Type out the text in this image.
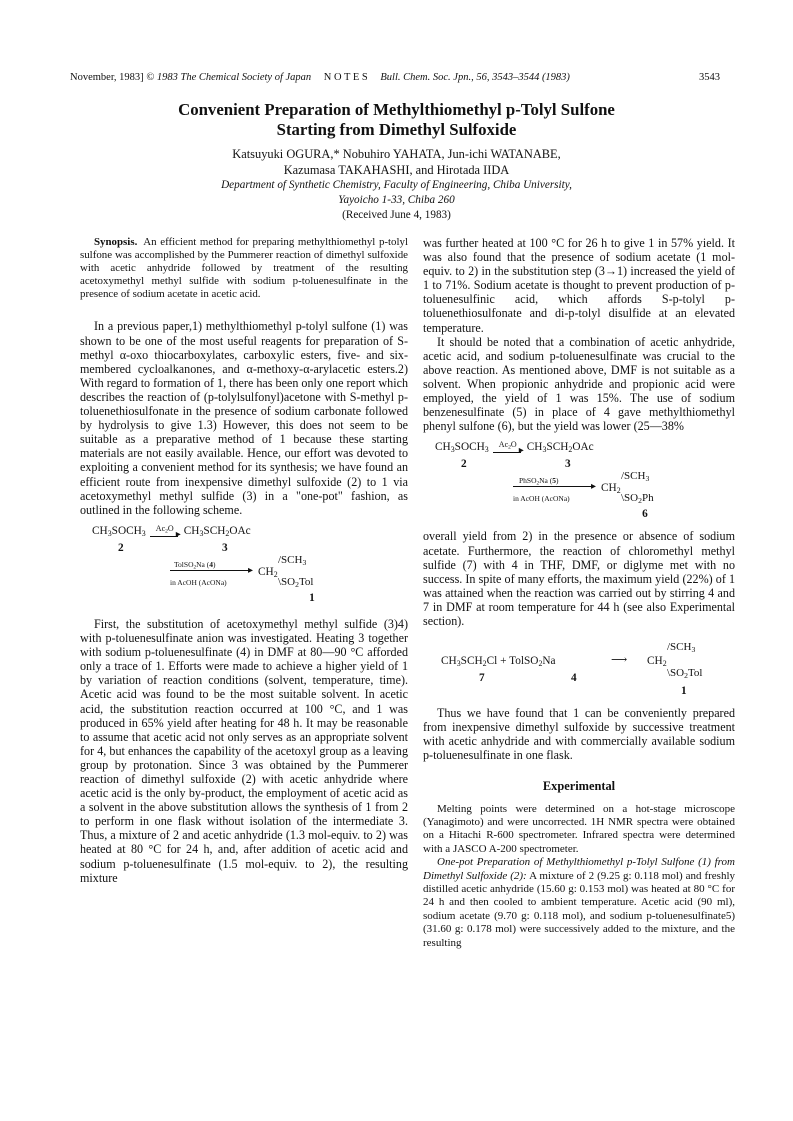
November, 1983] © 1983 The Chemical Society of Japan N O T E S Bull. Chem. Soc. Jpn., 56, 3543–3544 (1983)	3543
Convenient Preparation of Methylthiomethyl p-Tolyl Sulfone
Starting from Dimethyl Sulfoxide
Katsuyuki OGURA,* Nobuhiro YAHATA, Jun-ichi WATANABE,
Kazumasa TAKAHASHI, and Hirotada IIDA
Department of Synthetic Chemistry, Faculty of Engineering, Chiba University,
Yayoicho 1-33, Chiba 260
(Received June 4, 1983)

Synopsis. An efficient method for preparing methylthiomethyl p-tolyl sulfone was accomplished by the Pummerer reaction of dimethyl sulfoxide with acetic anhydride followed by treatment of the resulting acetoxymethyl methyl sulfide with sodium p-toluenesulfinate in the presence of sodium acetate in acetic acid.

In a previous paper,1) methylthiomethyl p-tolyl sulfone (1) was shown to be one of the most useful reagents for preparation of S-methyl α-oxo thiocarboxylates, carboxylic esters, five- and six-membered cycloalkanones, and α-methoxy-α-arylacetic esters.2) With regard to formation of 1, there has been only one report which describes the reaction of (p-tolylsulfonyl)acetone with S-methyl p-toluenethiosulfonate in the presence of sodium carbonate followed by hydrolysis to give 1.3) However, this does not seem to be suitable as a preparative method of 1 because these starting materials are not easily available. Hence, our effort was devoted to exploiting a convenient method for its synthesis; we have found an efficient route from inexpensive dimethyl sulfoxide (2) to 1 via acetoxymethyl methyl sulfide (3) in a "one-pot" fashion, as outlined in the following scheme.

$CH_3SOCH_3$
$Ac_2O$
▸ $CH_3SCH_2OAc$
2	3
TolSO$_2$Na (4)
▸
in AcOH (AcONa)
$CH_2$
$/SCH_3$
$\backslash SO_2Tol$
1

First, the substitution of acetoxymethyl methyl sulfide (3)4) with p-toluenesulfinate anion was investigated. Heating 3 together with sodium p-toluenesulfinate (4) in DMF at 80—90 °C afforded only a trace of 1. Efforts were made to achieve a higher yield of 1 by variation of reaction conditions (solvent, temperature, time). Acetic acid was found to be the most suitable solvent. In acetic acid, the substitution reaction occurred at 100 °C, and 1 was produced in 65% yield after heating for 48 h. It may be reasonable to assume that acetic acid not only serves as an appropriate solvent for 4, but enhances the capability of the acetoxyl group as a leaving group by protonation. Since 3 was obtained by the Pummerer reaction of dimethyl sulfoxide (2) with acetic anhydride where acetic acid is the only by-product, the employment of acetic acid as a solvent in the above substitution allows the synthesis of 1 from 2 to perform in one flask without isolation of the intermediate 3. Thus, a mixture of 2 and acetic anhydride (1.3 mol-equiv. to 2) was heated at 80 °C for 24 h, and, after addition of acetic acid and sodium p-toluenesulfinate (1.5 mol-equiv. to 2), the resulting mixture

was further heated at 100 °C for 26 h to give 1 in 57% yield. It was also found that the presence of sodium acetate (1 mol-equiv. to 2) in the substitution step (3→1) increased the yield of 1 to 71%. Sodium acetate is thought to prevent production of p-toluenesulfinic acid, which affords S-p-tolyl p-toluenethiosulfonate and di-p-tolyl disulfide at an elevated temperature.

It should be noted that a combination of acetic anhydride, acetic acid, and sodium p-toluenesulfinate was crucial to the above reaction. As mentioned above, DMF is not suitable as a solvent. When propionic anhydride and propionic acid were employed, the yield of 1 was 15%. The use of sodium benzenesulfinate (5) in place of 4 gave methylthiomethyl phenyl sulfone (6), but the yield was lower (25—38%

$CH_3SOCH_3$
$Ac_2O$
▸ $CH_3SCH_2OAc$
2	3
PhSO$_2$Na (5)
▸
in AcOH (AcONa)
$CH_2$
$/SCH_3$
$\backslash SO_2Ph$
6

overall yield from 2) in the presence or absence of sodium acetate. Furthermore, the reaction of chloromethyl methyl sulfide (7) with 4 in THF, DMF, or diglyme met with no success. In spite of many efforts, the maximum yield (22%) of 1 was attained when the reaction was carried out by stirring 4 and 7 in DMF at room temperature for 44 h (see also Experimental section).

$CH_3SCH_2Cl$ + TolSO$_2$Na	⟶ $CH_2$
$/SCH_3$
$\backslash SO_2Tol$
7	4
1

Thus we have found that 1 can be conveniently prepared from inexpensive dimethyl sulfoxide by successive treatment with acetic anhydride and with commercially available sodium p-toluenesulfinate in one flask.

Experimental

Melting points were determined on a hot-stage microscope (Yanagimoto) and were uncorrected. 1H NMR spectra were obtained on a Hitachi R-600 spectrometer. Infrared spectra were determined with a JASCO A-200 spectrometer.

One-pot Preparation of Methylthiomethyl p-Tolyl Sulfone (1) from Dimethyl Sulfoxide (2): A mixture of 2 (9.25 g: 0.118 mol) and freshly distilled acetic anhydride (15.60 g: 0.153 mol) was heated at 80 °C for 24 h and then cooled to ambient temperature. Acetic acid (90 ml), sodium acetate (9.70 g: 0.118 mol), and sodium p-toluenesulfinate5) (31.60 g: 0.178 mol) were successively added to the mixture, and the resulting
